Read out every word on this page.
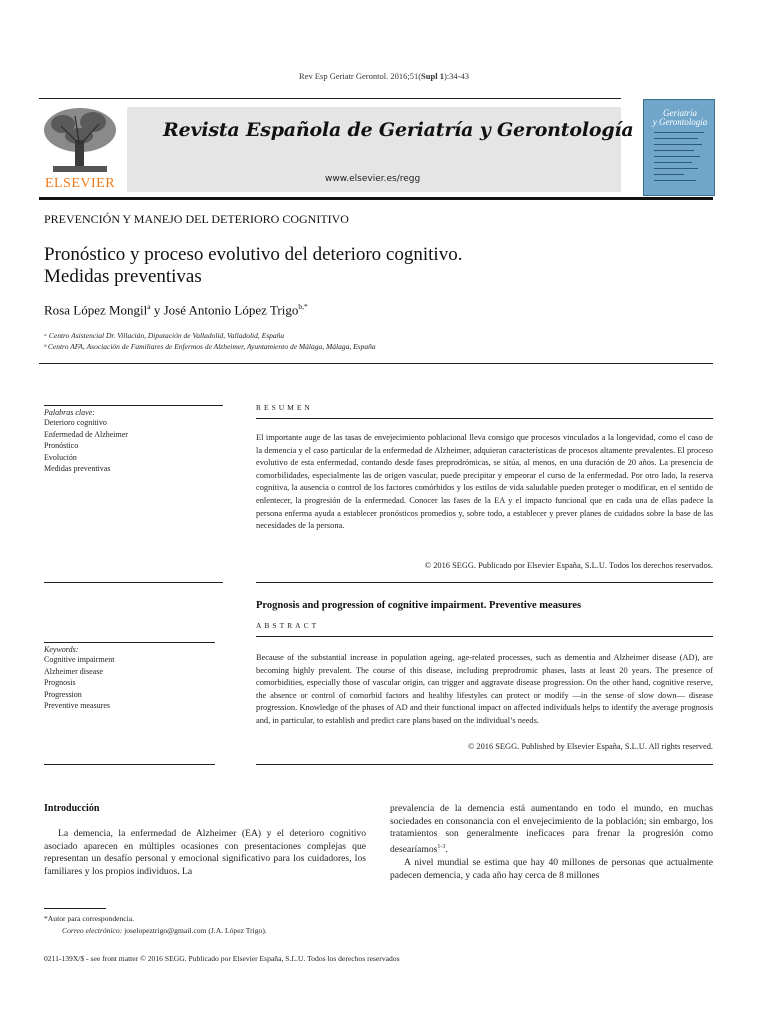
Rev Esp Geriatr Gerontol. 2016;51(Supl 1):34-43
ELSEVIER
Revista Española de Geriatría y Gerontología
www.elsevier.es/regg
Geriatría
y Gerontología
PREVENCIÓN Y MANEJO DEL DETERIORO COGNITIVO
Pronóstico y proceso evolutivo del deterioro cognitivo.
Medidas preventivas
Rosa López Mongil$^a$ y José Antonio López Trigo$^{b,*}$
ᵃ Centro Asistencial Dr. Villacián, Diputación de Valladolid, Valladolid, España
ᵇ Centro AFA, Asociación de Familiares de Enfermos de Alzheimer, Ayuntamiento de Málaga, Málaga, España
Palabras clave:
Deterioro cognitivo
Enfermedad de Alzheimer
Pronóstico
Evolución
Medidas preventivas
RESUMEN
El importante auge de las tasas de envejecimiento poblacional lleva consigo que procesos vinculados a la longevidad, como el caso de la demencia y el caso particular de la enfermedad de Alzheimer, adquieran características de procesos altamente prevalentes. El proceso evolutivo de esta enfermedad, contando desde fases preprodrómicas, se sitúa, al menos, en una duración de 20 años. La presencia de comorbilidades, especialmente las de origen vascular, puede precipitar y empeorar el curso de la enfermedad. Por otro lado, la reserva cognitiva, la ausencia o control de los factores comórbidos y los estilos de vida saludable pueden proteger o modificar, en el sentido de enlentecer, la progresión de la enfermedad. Conocer las fases de la EA y el impacto funcional que en cada una de ellas padece la persona enferma ayuda a establecer pronósticos promedios y, sobre todo, a establecer y prever planes de cuidados sobre la base de las necesidades de la persona.
© 2016 SEGG. Publicado por Elsevier España, S.L.U. Todos los derechos reservados.
Prognosis and progression of cognitive impairment. Preventive measures
ABSTRACT
Keywords:
Cognitive impairment
Alzheimer disease
Prognosis
Progression
Preventive measures
Because of the substantial increase in population ageing, age-related processes, such as dementia and Alzheimer disease (AD), are becoming highly prevalent. The course of this disease, including preprodromic phases, lasts at least 20 years. The presence of comorbidities, especially those of vascular origin, can trigger and aggravate disease progression. On the other hand, cognitive reserve, the absence or control of comorbid factors and healthy lifestyles can protect or modify —in the sense of slow down— disease progression. Knowledge of the phases of AD and their functional impact on affected individuals helps to identify the average prognosis and, in particular, to establish and predict care plans based on the individual’s needs.
© 2016 SEGG. Published by Elsevier España, S.L.U. All rights reserved.
Introducción
La demencia, la enfermedad de Alzheimer (EA) y el deterioro cognitivo asociado aparecen en múltiples ocasiones con presentaciones complejas que representan un desafío personal y emocional significativo para los cuidadores, los familiares y los propios individuos. La
prevalencia de la demencia está aumentando en todo el mundo, en muchas sociedades en consonancia con el envejecimiento de la población; sin embargo, los tratamientos son generalmente ineficaces para frenar la progresión como desearíamos$^{1-3}$.
A nivel mundial se estima que hay 40 millones de personas que actualmente padecen demencia, y cada año hay cerca de 8 millones
*Autor para correspondencia.
Correo electrónico: joselopeztrigo@gmail.com (J.A. López Trigo).
0211-139X/$ - see front matter © 2016 SEGG. Publicado por Elsevier España, S.L.U. Todos los derechos reservados
